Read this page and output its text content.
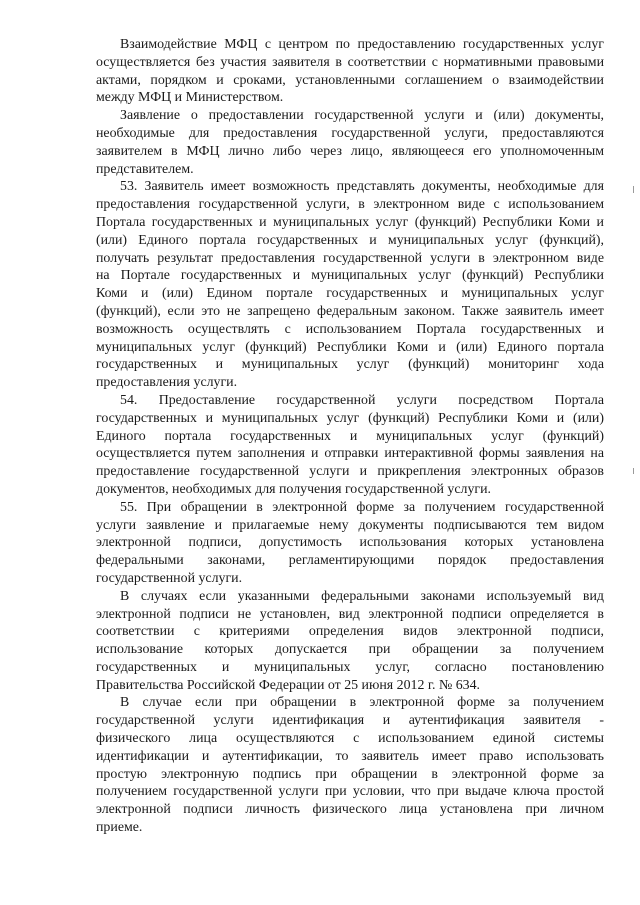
Взаимодействие МФЦ с центром по предоставлению государственных услуг
осуществляется без участия заявителя в соответствии с нормативными правовыми
актами, порядком и сроками, установленными соглашением о взаимодействии
между МФЦ и Министерством.
Заявление о предоставлении государственной услуги и (или) документы,
необходимые для предоставления государственной услуги, предоставляются
заявителем в МФЦ лично либо через лицо, являющееся его уполномоченным
представителем.
53. Заявитель имеет возможность представлять документы, необходимые для
предоставления государственной услуги, в электронном виде с использованием
Портала государственных и муниципальных услуг (функций) Республики Коми и
(или) Единого портала государственных и муниципальных услуг (функций),
получать результат предоставления государственной услуги в электронном виде
на Портале государственных и муниципальных услуг (функций) Республики
Коми и (или) Едином портале государственных и муниципальных услуг
(функций), если это не запрещено федеральным законом. Также заявитель имеет
возможность осуществлять с использованием Портала государственных и
муниципальных услуг (функций) Республики Коми и (или) Единого портала
государственных и муниципальных услуг (функций) мониторинг хода
предоставления услуги.
54. Предоставление государственной услуги посредством Портала
государственных и муниципальных услуг (функций) Республики Коми и (или)
Единого портала государственных и муниципальных услуг (функций)
осуществляется путем заполнения и отправки интерактивной формы заявления на
предоставление государственной услуги и прикрепления электронных образов
документов, необходимых для получения государственной услуги.
55. При обращении в электронной форме за получением государственной
услуги заявление и прилагаемые нему документы подписываются тем видом
электронной подписи, допустимость использования которых установлена
федеральными законами, регламентирующими порядок предоставления
государственной услуги.
В случаях если указанными федеральными законами используемый вид
электронной подписи не установлен, вид электронной подписи определяется в
соответствии с критериями определения видов электронной подписи,
использование которых допускается при обращении за получением
государственных и муниципальных услуг, согласно постановлению
Правительства Российской Федерации от 25 июня 2012 г. № 634.
В случае если при обращении в электронной форме за получением
государственной услуги идентификация и аутентификация заявителя -
физического лица осуществляются с использованием единой системы
идентификации и аутентификации, то заявитель имеет право использовать
простую электронную подпись при обращении в электронной форме за
получением государственной услуги при условии, что при выдаче ключа простой
электронной подписи личность физического лица установлена при личном
приеме.
